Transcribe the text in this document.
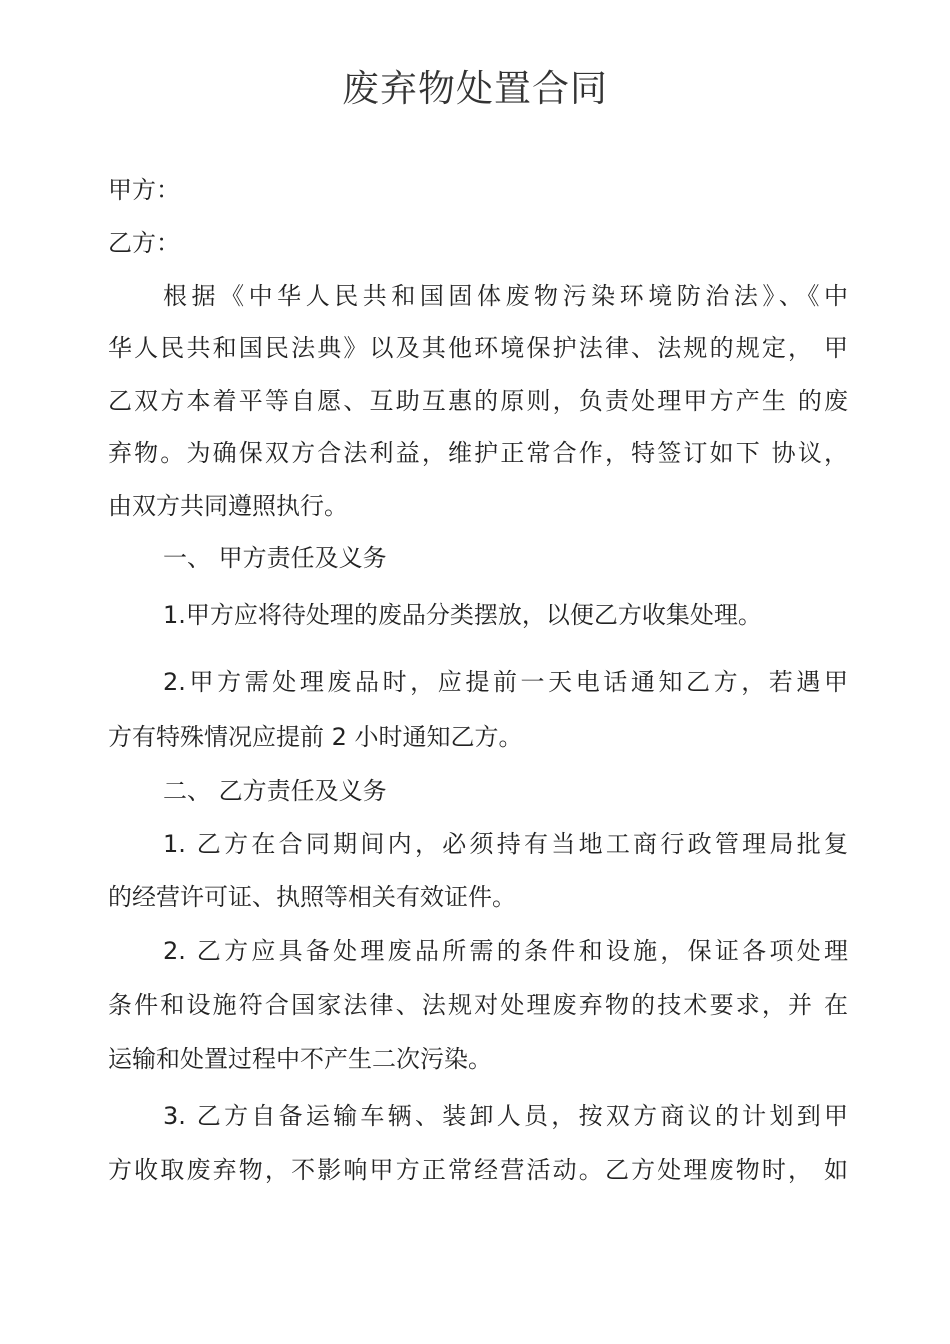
废弃物处置合同

甲方：

乙方：

根据《中华人民共和国固体废物污染环境防治法》、《中

华人民共和国民法典》以及其他环境保护法律、法规的规定， 甲

乙双方本着平等自愿、互助互惠的原则，负责处理甲方产生 的废

弃物。为确保双方合法利益，维护正常合作，特签订如下 协议，

由双方共同遵照执行。

一、 甲方责任及义务

1.甲方应将待处理的废品分类摆放，以便乙方收集处理。

2.甲方需处理废品时，应提前一天电话通知乙方，若遇甲

方有特殊情况应提前 2 小时通知乙方。

二、 乙方责任及义务

1. 乙方在合同期间内，必须持有当地工商行政管理局批复

的经营许可证、执照等相关有效证件。

2. 乙方应具备处理废品所需的条件和设施，保证各项处理

条件和设施符合国家法律、法规对处理废弃物的技术要求，并 在

运输和处置过程中不产生二次污染。

3. 乙方自备运输车辆、装卸人员，按双方商议的计划到甲

方收取废弃物，不影响甲方正常经营活动。乙方处理废物时， 如
